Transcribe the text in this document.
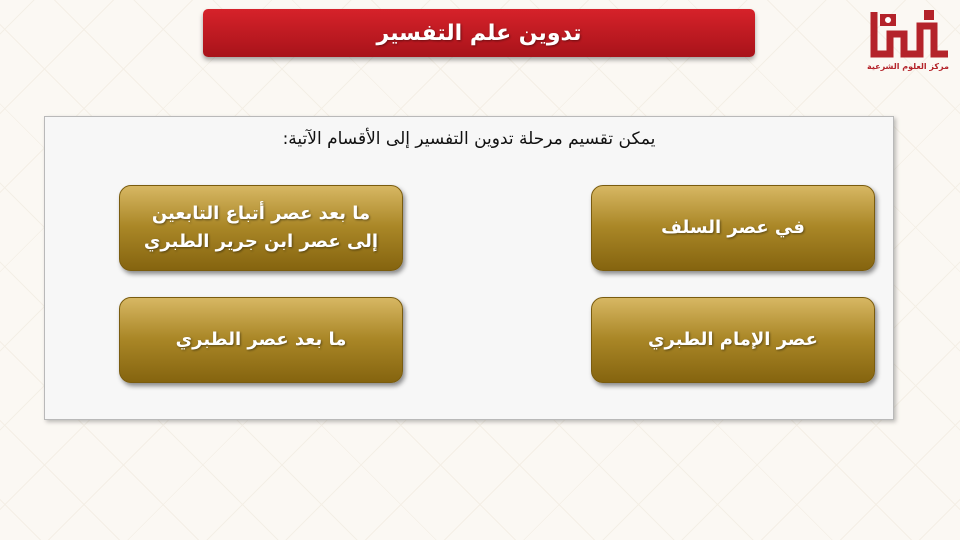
تدوين علم التفسير
مركز العلوم الشرعية
يمكن تقسيم مرحلة تدوين التفسير إلى الأقسام الآتية:
في عصر السلف
ما بعد عصر أتباع التابعين إلى عصر ابن جرير الطبري
عصر الإمام الطبري
ما بعد عصر الطبري
